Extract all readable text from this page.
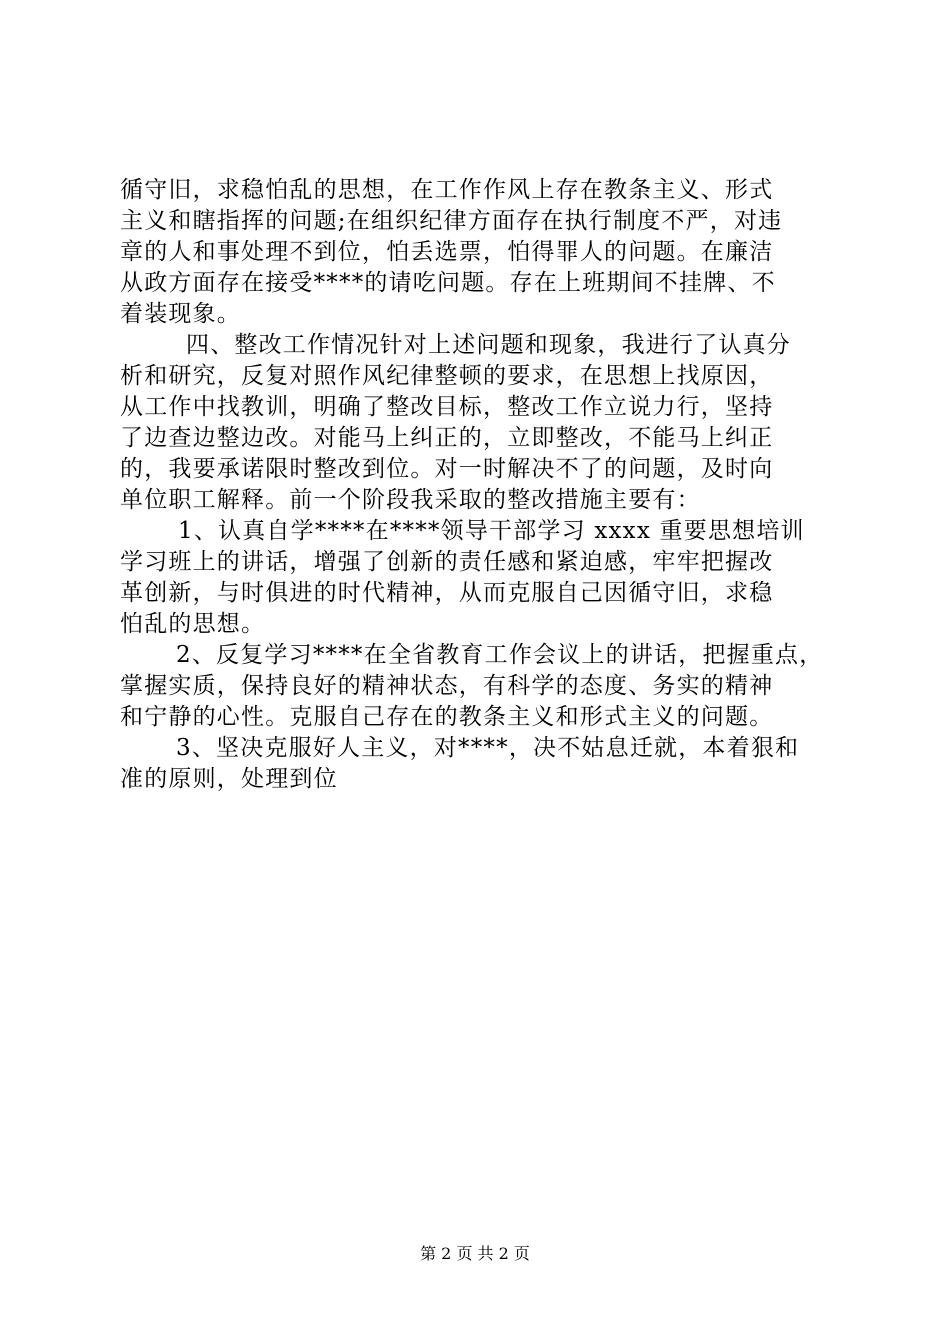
循守旧，求稳怕乱的思想，在工作作风上存在教条主义、形式
主义和瞎指挥的问题;在组织纪律方面存在执行制度不严，对违
章的人和事处理不到位，怕丢选票，怕得罪人的问题。在廉洁
从政方面存在接受****的请吃问题。存在上班期间不挂牌、不
着装现象。
四、整改工作情况针对上述问题和现象，我进行了认真分
析和研究，反复对照作风纪律整顿的要求，在思想上找原因，
从工作中找教训，明确了整改目标，整改工作立说力行，坚持
了边查边整边改。对能马上纠正的，立即整改，不能马上纠正
的，我要承诺限时整改到位。对一时解决不了的问题，及时向
单位职工解释。前一个阶段我采取的整改措施主要有：
1、认真自学****在****领导干部学习 xxxx 重要思想培训
学习班上的讲话，增强了创新的责任感和紧迫感，牢牢把握改
革创新，与时俱进的时代精神，从而克服自己因循守旧，求稳
怕乱的思想。
2、反复学习****在全省教育工作会议上的讲话，把握重点，
掌握实质，保持良好的精神状态，有科学的态度、务实的精神
和宁静的心性。克服自己存在的教条主义和形式主义的问题。
3、坚决克服好人主义，对****，决不姑息迁就，本着狠和
准的原则，处理到位
第 2 页 共 2 页
